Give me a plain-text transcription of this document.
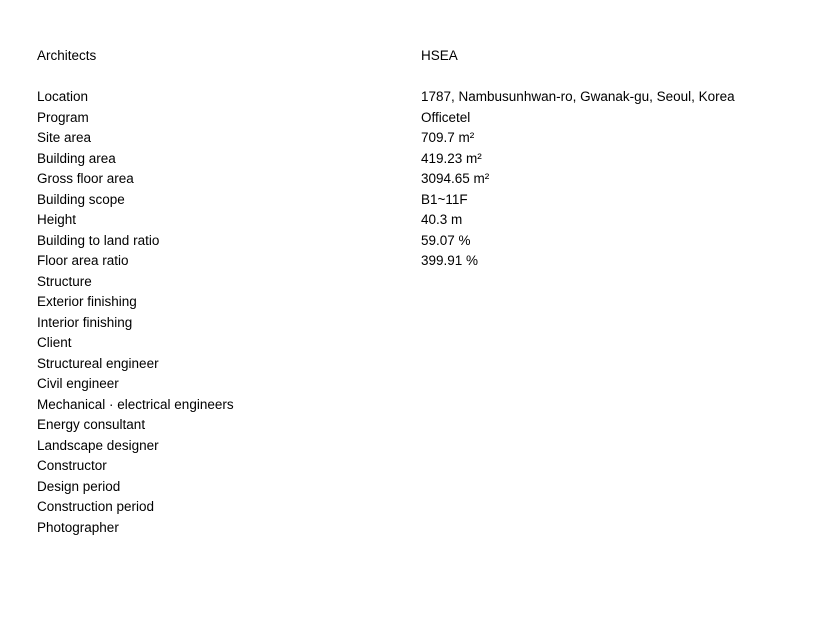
Architects	HSEA
Location	1787, Nambusunhwan-ro, Gwanak-gu, Seoul, Korea
Program	Officetel
Site area	709.7 m²
Building area	419.23 m²
Gross floor area	3094.65 m²
Building scope	B1~11F
Height	40.3 m
Building to land ratio	59.07 %
Floor area ratio	399.91 %
Structure
Exterior finishing
Interior finishing
Client
Structureal engineer
Civil engineer
Mechanical · electrical engineers
Energy consultant
Landscape designer
Constructor
Design period
Construction period
Photographer
